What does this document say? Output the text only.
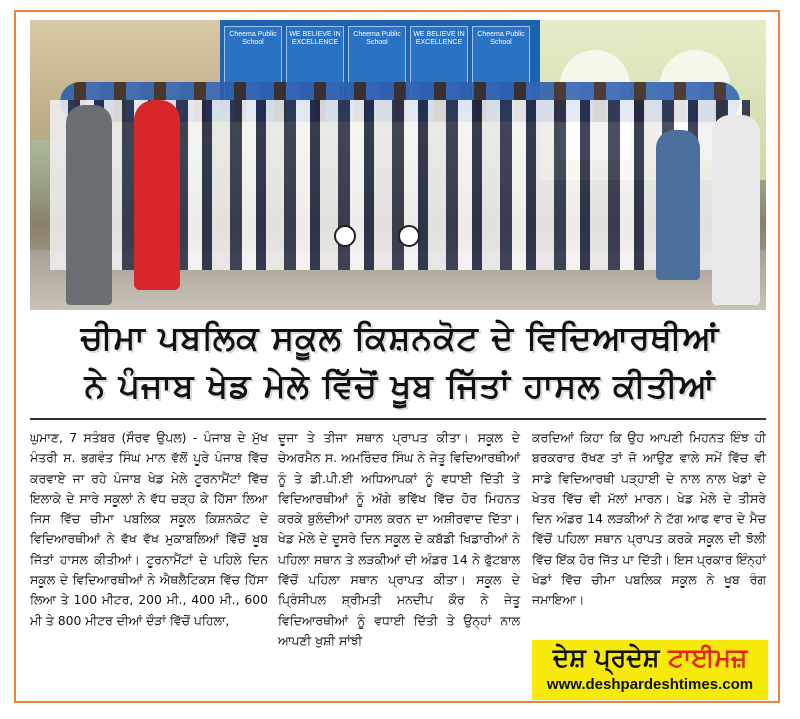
Cheema Public School
WE BELIEVE IN EXCELLENCE
Cheema Public School
WE BELIEVE IN EXCELLENCE
Cheema Public School
ਚੀਮਾ ਪਬਲਿਕ ਸਕੂਲ ਕਿਸ਼ਨਕੋਟ ਦੇ ਵਿਦਿਆਰਥੀਆਂ
ਨੇ ਪੰਜਾਬ ਖੇਡ ਮੇਲੇ ਵਿੱਚੋਂ ਖੂਬ ਜਿੱਤਾਂ ਹਾਸਲ ਕੀਤੀਆਂ

ਘੁਮਾਣ, 7 ਸਤੰਬਰ (ਸੌਰਵ ਉਪਲ) - ਪੰਜਾਬ ਦੇ ਮੁੱਖ ਮੰਤਰੀ ਸ. ਭਗਵੰਤ ਸਿੰਘ ਮਾਨ ਵੱਲੋਂ ਪੂਰੇ ਪੰਜਾਬ ਵਿੱਚ ਕਰਵਾਏ ਜਾ ਰਹੇ ਪੰਜਾਬ ਖੇਡ ਮੇਲੇ ਟੂਰਨਾਮੈਂਟਾਂ ਵਿੱਚ ਇਲਾਕੇ ਦੇ ਸਾਰੇ ਸਕੂਲਾਂ ਨੇ ਵੱਧ ਚੜ੍ਹ ਕੇ ਹਿੱਸਾ ਲਿਆ ਜਿਸ ਵਿੱਚ ਚੀਮਾ ਪਬਲਿਕ ਸਕੂਲ ਕਿਸ਼ਨਕੋਟ ਦੇ ਵਿਦਿਆਰਥੀਆਂ ਨੇ ਵੱਖ ਵੱਖ ਮੁਕਾਬਲਿਆਂ ਵਿੱਚੋਂ ਖੂਬ ਜਿੱਤਾਂ ਹਾਸਲ ਕੀਤੀਆਂ। ਟੂਰਨਾਮੈਂਟਾਂ ਦੇ ਪਹਿਲੇ ਦਿਨ ਸਕੂਲ ਦੇ ਵਿਦਿਆਰਥੀਆਂ ਨੇ ਐਥਲੈਟਿਕਸ ਵਿੱਚ ਹਿੱਸਾ ਲਿਆ ਤੇ 100 ਮੀਟਰ, 200 ਮੀ., 400 ਮੀ., 600 ਮੀ ਤੇ 800 ਮੀਟਰ ਦੀਆਂ ਦੌੜਾਂ ਵਿੱਚੋਂ ਪਹਿਲਾ,

ਦੂਜਾ ਤੇ ਤੀਜਾ ਸਥਾਨ ਪ੍ਰਾਪਤ ਕੀਤਾ। ਸਕੂਲ ਦੇ ਚੇਅਰਮੈਨ ਸ. ਅਮਰਿੰਦਰ ਸਿੰਘ ਨੇ ਜੇਤੂ ਵਿਦਿਆਰਥੀਆਂ ਨੂੰ ਤੇ ਡੀ.ਪੀ.ਈ ਅਧਿਆਪਕਾਂ ਨੂੰ ਵਧਾਈ ਦਿੱਤੀ ਤੇ ਵਿਦਿਆਰਥੀਆਂ ਨੂੰ ਅੱਗੇ ਭਵਿੱਖ ਵਿੱਚ ਹੋਰ ਮਿਹਨਤ ਕਰਕੇ ਬੁਲੰਦੀਆਂ ਹਾਸਲ ਕਰਨ ਦਾ ਅਸ਼ੀਰਵਾਦ ਦਿੱਤਾ। ਖੇਡ ਮੇਲੇ ਦੇ ਦੂਸਰੇ ਦਿਨ ਸਕੂਲ ਦੇ ਕਬੱਡੀ ਖਿਡਾਰੀਆਂ ਨੇ ਪਹਿਲਾ ਸਥਾਨ ਤੇ ਲੜਕੀਆਂ ਦੀ ਅੰਡਰ 14 ਨੇ ਫੁੱਟਬਾਲ ਵਿੱਚੋਂ ਪਹਿਲਾ ਸਥਾਨ ਪ੍ਰਾਪਤ ਕੀਤਾ। ਸਕੂਲ ਦੇ ਪ੍ਰਿੰਸੀਪਲ ਸ਼੍ਰੀਮਤੀ ਮਨਦੀਪ ਕੌਰ ਨੇ ਜੇਤੂ ਵਿਦਿਆਰਥੀਆਂ ਨੂੰ ਵਧਾਈ ਦਿੱਤੀ ਤੇ ਉਨ੍ਹਾਂ ਨਾਲ ਆਪਣੀ ਖੁਸ਼ੀ ਸਾਂਝੀ

ਕਰਦਿਆਂ ਕਿਹਾ ਕਿ ਉਹ ਆਪਣੀ ਮਿਹਨਤ ਇੰਝ ਹੀ ਬਰਕਰਾਰ ਰੱਖਣ ਤਾਂ ਜੋ ਆਉਣ ਵਾਲੇ ਸਮੇਂ ਵਿੱਚ ਵੀ ਸਾਡੇ ਵਿਦਿਆਰਥੀ ਪੜ੍ਹਾਈ ਦੇ ਨਾਲ ਨਾਲ ਖੇਡਾਂ ਦੇ ਖੇਤਰ ਵਿੱਚ ਵੀ ਮੱਲਾਂ ਮਾਰਨ। ਖੇਡ ਮੇਲੇ ਦੇ ਤੀਸਰੇ ਦਿਨ ਅੰਡਰ 14 ਲੜਕੀਆਂ ਨੇ ਟੱਗ ਆਫ ਵਾਰ ਦੇ ਮੈਚ ਵਿੱਚੋਂ ਪਹਿਲਾ ਸਥਾਨ ਪ੍ਰਾਪਤ ਕਰਕੇ ਸਕੂਲ ਦੀ ਝੋਲੀ ਵਿੱਚ ਇੱਕ ਹੋਰ ਜਿੱਤ ਪਾ ਦਿੱਤੀ। ਇਸ ਪ੍ਰਕਾਰ ਇੰਨ੍ਹਾਂ ਖੇਡਾਂ ਵਿੱਚ ਚੀਮਾ ਪਬਲਿਕ ਸਕੂਲ ਨੇ ਖੂਬ ਰੰਗ ਜਮਾਇਆ।

ਦੇਸ਼ ਪ੍ਰਦੇਸ਼ ਟਾਈਮਜ਼
www.deshpardeshtimes.com
